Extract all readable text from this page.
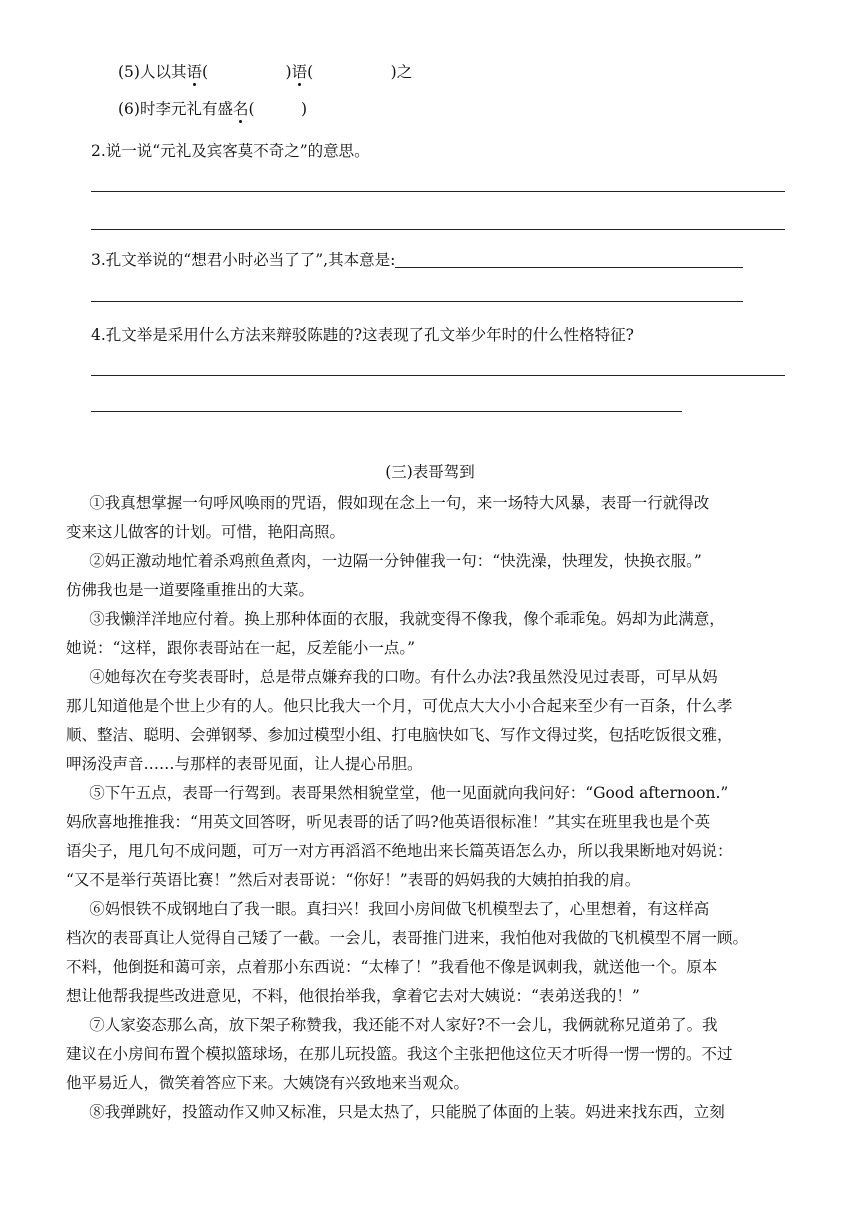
(5)人以其语(　　　　　)语(　　　　　)之
(6)时李元礼有盛名(　　　)
2.说一说“元礼及宾客莫不奇之”的意思。
3.孔文举说的“想君小时必当了了”,其本意是:
4.孔文举是采用什么方法来辩驳陈韪的?这表现了孔文举少年时的什么性格特征?
(三)表哥驾到

①我真想掌握一句呼风唤雨的咒语，假如现在念上一句，来一场特大风暴，表哥一行就得改

变来这儿做客的计划。可惜，艳阳高照。

②妈正激动地忙着杀鸡煎鱼煮肉，一边隔一分钟催我一句：“快洗澡，快理发，快换衣服。”

仿佛我也是一道要隆重推出的大菜。

③我懒洋洋地应付着。换上那种体面的衣服，我就变得不像我，像个乖乖兔。妈却为此满意，

她说：“这样，跟你表哥站在一起，反差能小一点。”

④她每次在夸奖表哥时，总是带点嫌弃我的口吻。有什么办法?我虽然没见过表哥，可早从妈

那儿知道他是个世上少有的人。他只比我大一个月，可优点大大小小合起来至少有一百条，什么孝

顺、整洁、聪明、会弹钢琴、参加过模型小组、打电脑快如飞、写作文得过奖，包括吃饭很文雅，

呷汤没声音……与那样的表哥见面，让人提心吊胆。

⑤下午五点，表哥一行驾到。表哥果然相貌堂堂，他一见面就向我问好：“Good afternoon.”

妈欣喜地推推我：“用英文回答呀，听见表哥的话了吗?他英语很标准！”其实在班里我也是个英

语尖子，甩几句不成问题，可万一对方再滔滔不绝地出来长篇英语怎么办，所以我果断地对妈说：

“又不是举行英语比赛！”然后对表哥说：“你好！”表哥的妈妈我的大姨拍拍我的肩。

⑥妈恨铁不成钢地白了我一眼。真扫兴！我回小房间做飞机模型去了，心里想着，有这样高

档次的表哥真让人觉得自己矮了一截。一会儿，表哥推门进来，我怕他对我做的飞机模型不屑一顾。

不料，他倒挺和蔼可亲，点着那小东西说：“太棒了！”我看他不像是讽刺我，就送他一个。原本

想让他帮我提些改进意见，不料，他很抬举我，拿着它去对大姨说：“表弟送我的！”

⑦人家姿态那么高，放下架子称赞我，我还能不对人家好?不一会儿，我俩就称兄道弟了。我

建议在小房间布置个模拟篮球场，在那儿玩投篮。我这个主张把他这位天才听得一愣一愣的。不过

他平易近人，微笑着答应下来。大姨饶有兴致地来当观众。

⑧我弹跳好，投篮动作又帅又标准，只是太热了，只能脱了体面的上装。妈进来找东西，立刻
